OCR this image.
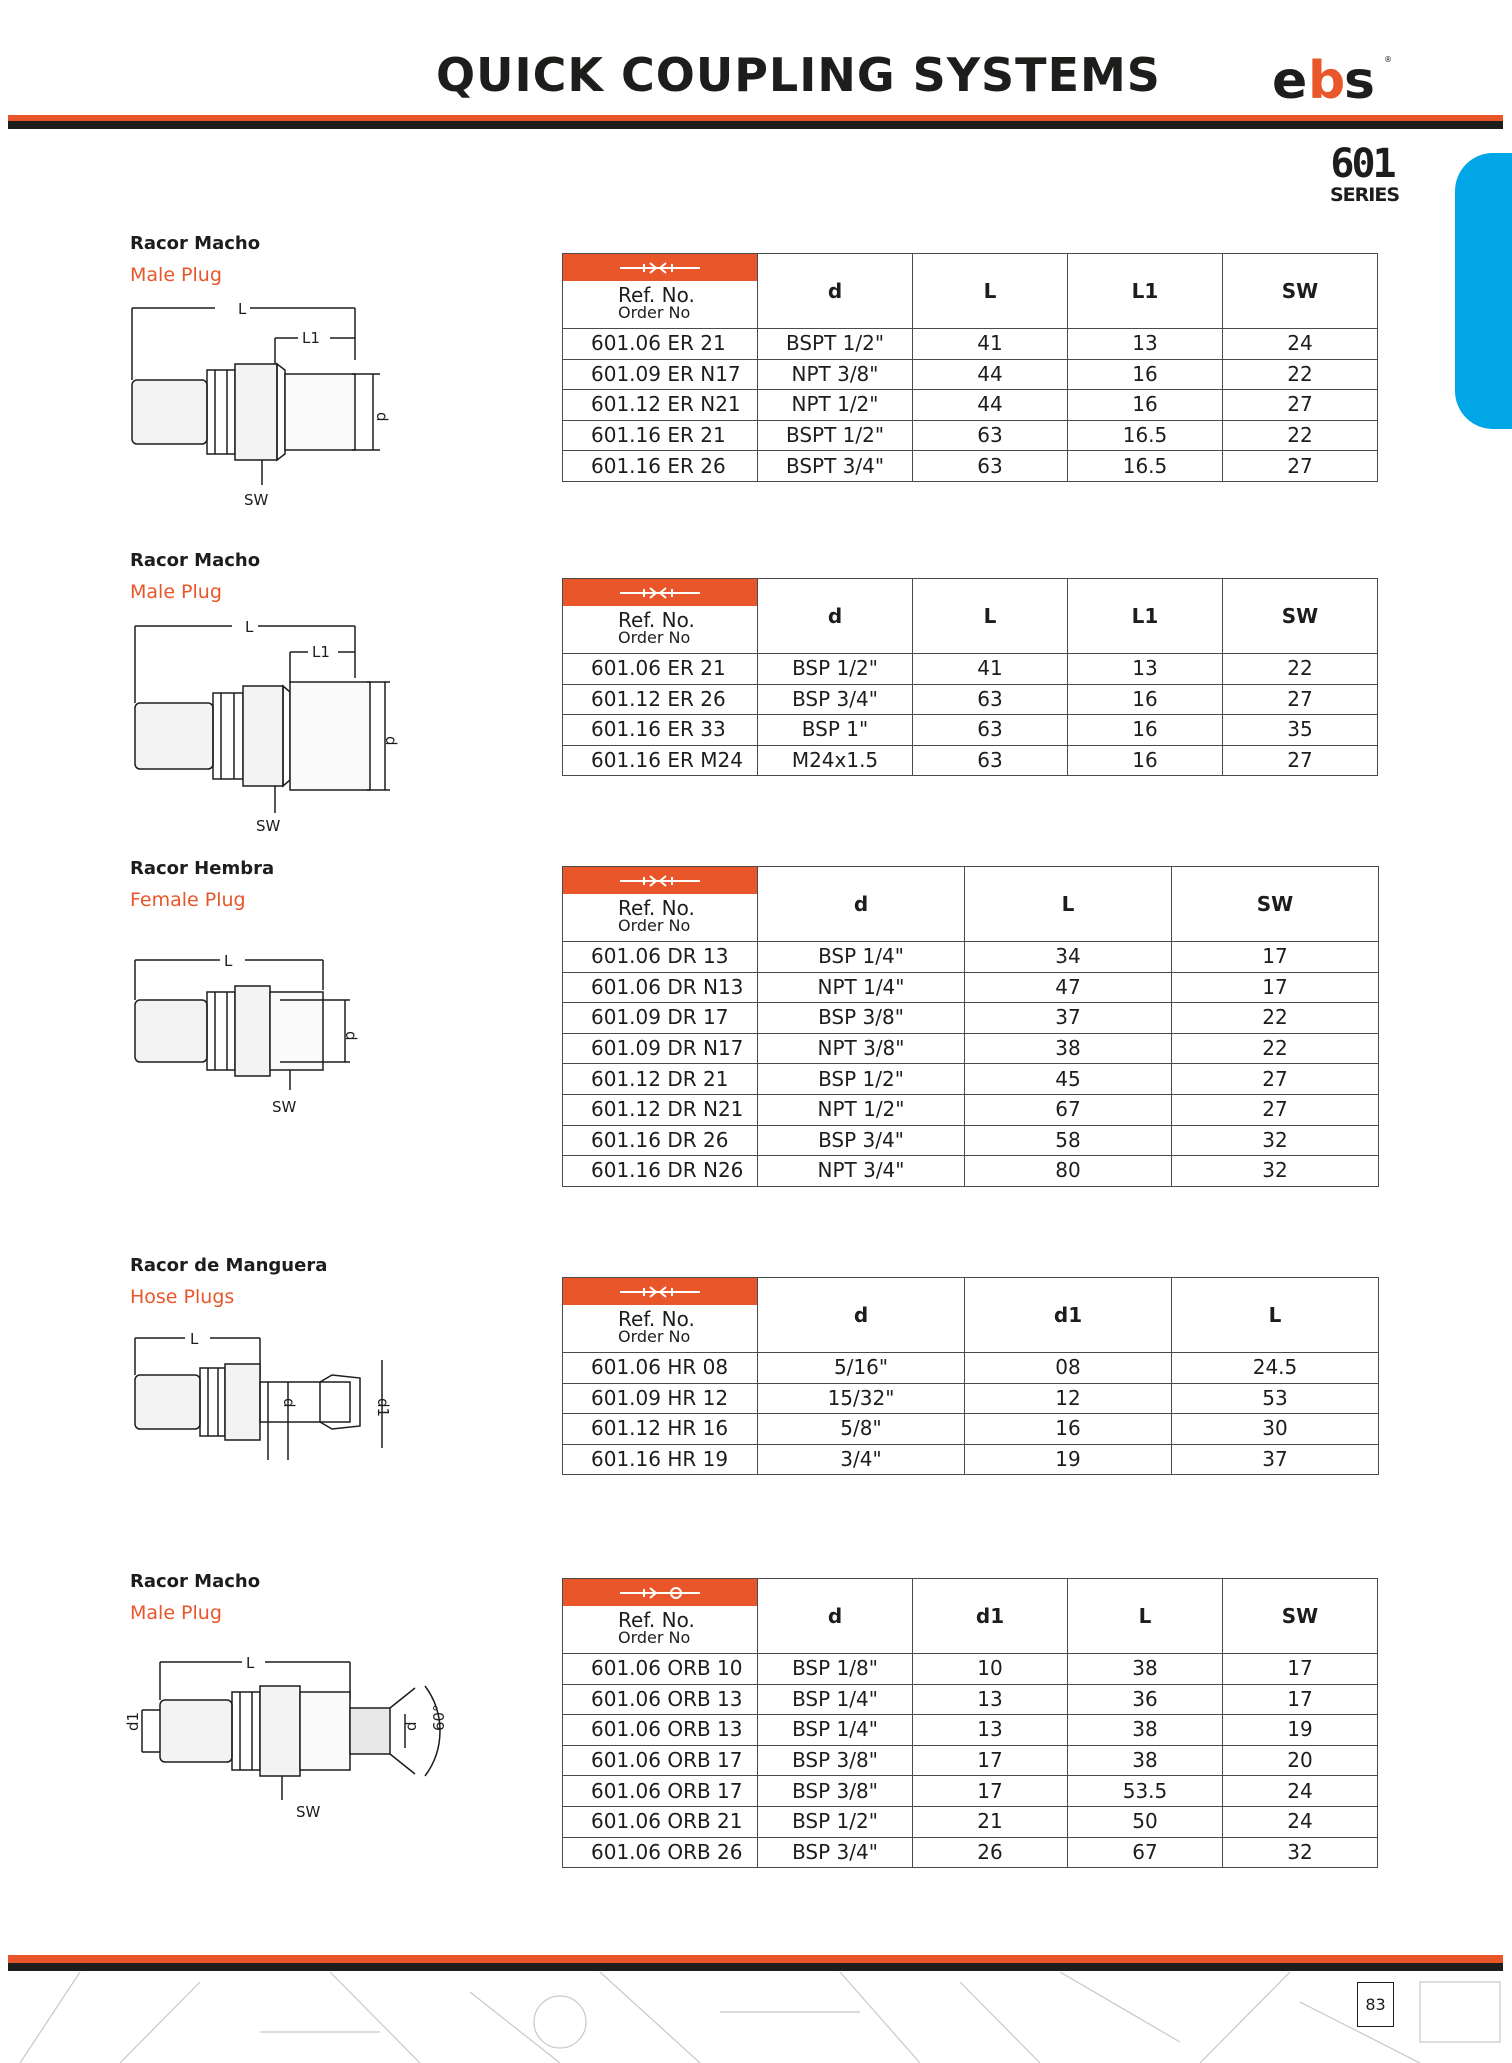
QUICK COUPLING SYSTEMS e b s ®
601
SERIES
Racor Macho
Male Plug
L
L1
d
SW
Ref. No.
Order No	d	L	L1	SW
601.06 ER 21	BSPT 1/2"	41	13	24
601.09 ER N17	NPT 3/8"	44	16	22
601.12 ER N21	NPT 1/2"	44	16	27
601.16 ER 21	BSPT 1/2"	63	16.5	22
601.16 ER 26	BSPT 3/4"	63	16.5	27
Racor Macho
Male Plug
L
L1
d
SW
Ref. No.
Order No	d	L	L1	SW
601.06 ER 21	BSP 1/2"	41	13	22
601.12 ER 26	BSP 3/4"	63	16	27
601.16 ER 33	BSP 1"	63	16	35
601.16 ER M24	M24x1.5	63	16	27
Racor Hembra
Female Plug
L
d
SW
Ref. No.
Order No	d	L	SW
601.06 DR 13	BSP 1/4"	34	17
601.06 DR N13	NPT 1/4"	47	17
601.09 DR 17	BSP 3/8"	37	22
601.09 DR N17	NPT 3/8"	38	22
601.12 DR 21	BSP 1/2"	45	27
601.12 DR N21	NPT 1/2"	67	27
601.16 DR 26	BSP 3/4"	58	32
601.16 DR N26	NPT 3/4"	80	32
Racor de Manguera
Hose Plugs
L
d	d1
Ref. No.
Order No	d	d1	L
601.06 HR 08	5/16"	08	24.5
601.09 HR 12	15/32"	12	53
601.12 HR 16	5/8"	16	30
601.16 HR 19	3/4"	19	37
Racor Macho
Male Plug
L
d1	d 60°
SW
Ref. No.
Order No	d	d1	L	SW
601.06 ORB 10	BSP 1/8"	10	38	17
601.06 ORB 13	BSP 1/4"	13	36	17
601.06 ORB 13	BSP 1/4"	13	38	19
601.06 ORB 17	BSP 3/8"	17	38	20
601.06 ORB 17	BSP 3/8"	17	53.5	24
601.06 ORB 21	BSP 1/2"	21	50	24
601.06 ORB 26	BSP 3/4"	26	67	32
83
